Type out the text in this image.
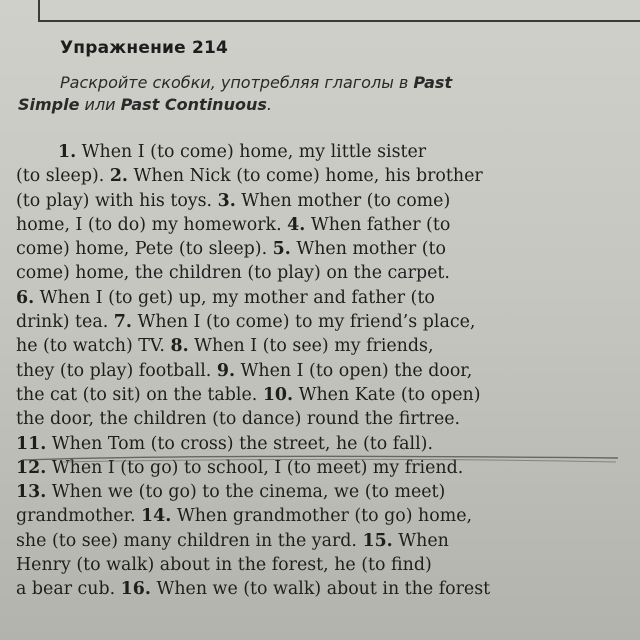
Упражнение 214
Раскройте скобки, употребляя глаголы в Past
Simple или Past Continuous.
1. When I (to come) home, my little sister
(to sleep). 2. When Nick (to come) home, his brother
(to play) with his toys. 3. When mother (to come)
home, I (to do) my homework. 4. When father (to
come) home, Pete (to sleep). 5. When mother (to
come) home, the children (to play) on the carpet.
6. When I (to get) up, my mother and father (to
drink) tea. 7. When I (to come) to my friend’s place,
he (to watch) TV. 8. When I (to see) my friends,
they (to play) football. 9. When I (to open) the door,
the cat (to sit) on the table. 10. When Kate (to open)
the door, the children (to dance) round the firtree.
11. When Tom (to cross) the street, he (to fall).
12. When I (to go) to school, I (to meet) my friend.
13. When we (to go) to the cinema, we (to meet)
grandmother. 14. When grandmother (to go) home,
she (to see) many children in the yard. 15. When
Henry (to walk) about in the forest, he (to find)
a bear cub. 16. When we (to walk) about in the forest
